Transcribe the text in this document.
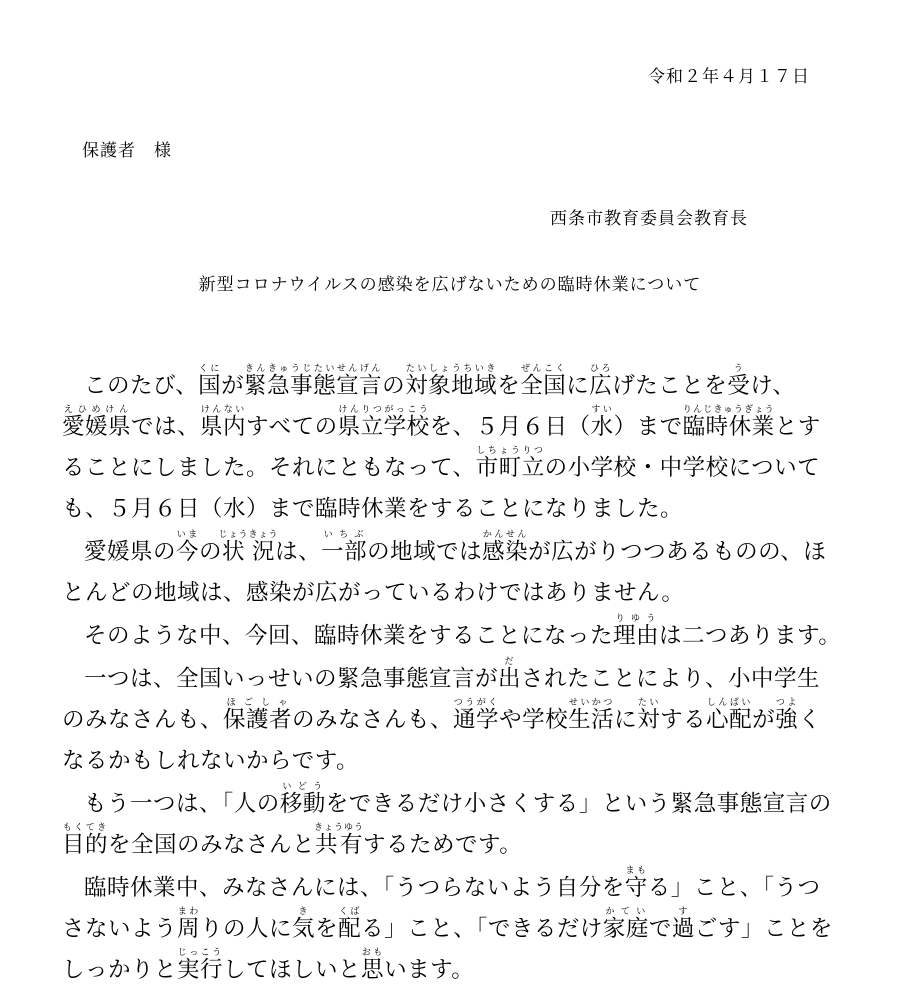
令和２年４月１７日
保護者　様
西条市教育委員会教育長
新型コロナウイルスの感染を広げないための臨時休業について

このたび、国くにが緊急事態宣言きんきゅうじたいせんげんの対象地域たいしょうちいきを全国ぜんこくに広ひろげたことを受うけ、愛媛県えひめけんでは、県内けんないすべての県立学校けんりつがっこうを、５月６日（水すい）まで臨時休業りんじきゅうぎょうとすることにしました。それにともなって、市町立しちょうりつの小学校・中学校についても、５月６日（水）まで臨時休業をすることになりました。

愛媛県の今いまの状況じょうきょうは、一部いちぶの地域では感染かんせんが広がりつつあるものの、ほとんどの地域は、感染が広がっているわけではありません。

そのような中、今回、臨時休業をすることになった理由りゆうは二つあります。

一つは、全国いっせいの緊急事態宣言が出だされたことにより、小中学生のみなさんも、保護者ほごしゃのみなさんも、通学つうがくや学校生活せいかつに対たいする心配しんぱいが強つよくなるかもしれないからです。

もう一つは、「人の移動いどうをできるだけ小さくする」という緊急事態宣言の目的もくてきを全国のみなさんと共有きょうゆうするためです。

臨時休業中、みなさんには、「うつらないよう自分を守まもる」こと、「うつさないよう周まわりの人に気きを配くばる」こと、「できるだけ家庭かていで過すごす」ことをしっかりと実行じっこうしてほしいと思おもいます。
